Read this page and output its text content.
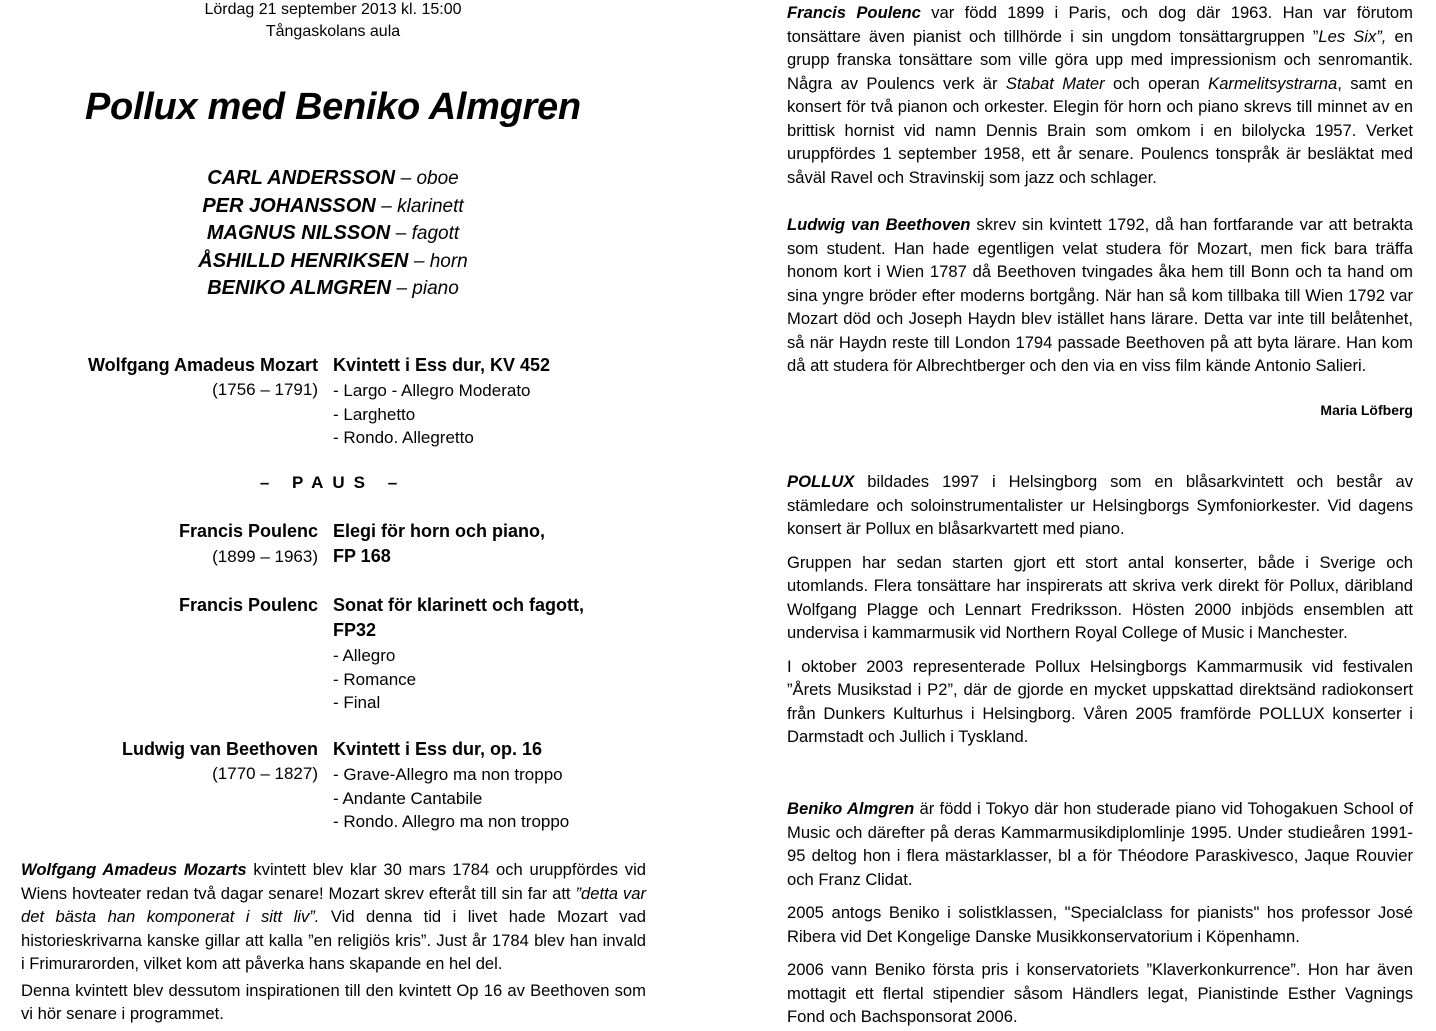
Lördag 21 september 2013 kl. 15:00
Tångaskolans aula
Pollux med Beniko Almgren
CARL ANDERSSON – oboe
PER JOHANSSON – klarinett
MAGNUS NILSSON – fagott
ÅSHILLD HENRIKSEN – horn
BENIKO ALMGREN – piano
Wolfgang Amadeus Mozart
(1756 – 1791)
Kvintett i Ess dur, KV 452
- Largo - Allegro Moderato
- Larghetto
- Rondo. Allegretto
– PAUS –
Francis Poulenc
(1899 – 1963)
Elegi för horn och piano,
FP 168
Francis Poulenc Sonat för klarinett och fagott,
FP32
- Allegro
- Romance
- Final
Ludwig van Beethoven
(1770 – 1827)
Kvintett i Ess dur, op. 16
- Grave-Allegro ma non troppo
- Andante Cantabile
- Rondo. Allegro ma non troppo

Wolfgang Amadeus Mozarts kvintett blev klar 30 mars 1784 och uruppfördes vid Wiens hovteater redan två dagar senare! Mozart skrev efteråt till sin far att ”detta var det bästa han komponerat i sitt liv”. Vid denna tid i livet hade Mozart vad historieskrivarna kanske gillar att kalla ”en religiös kris”. Just år 1784 blev han invald i Frimurarorden, vilket kom att påverka hans skapande en hel del.

Denna kvintett blev dessutom inspirationen till den kvintett Op 16 av Beethoven som vi hör senare i programmet.

Francis Poulenc var född 1899 i Paris, och dog där 1963. Han var förutom tonsättare även pianist och tillhörde i sin ungdom tonsättargruppen ”Les Six”, en grupp franska tonsättare som ville göra upp med impressionism och senromantik. Några av Poulencs verk är Stabat Mater och operan Karmelitsystrarna, samt en konsert för två pianon och orkester. Elegin för horn och piano skrevs till minnet av en brittisk hornist vid namn Dennis Brain som omkom i en bilolycka 1957. Verket uruppfördes 1 september 1958, ett år senare. Poulencs tonspråk är besläktat med såväl Ravel och Stravinskij som jazz och schlager.

Ludwig van Beethoven skrev sin kvintett 1792, då han fortfarande var att betrakta som student. Han hade egentligen velat studera för Mozart, men fick bara träffa honom kort i Wien 1787 då Beethoven tvingades åka hem till Bonn och ta hand om sina yngre bröder efter moderns bortgång. När han så kom tillbaka till Wien 1792 var Mozart död och Joseph Haydn blev istället hans lärare. Detta var inte till belåtenhet, så när Haydn reste till London 1794 passade Beethoven på att byta lärare. Han kom då att studera för Albrechtberger och den via en viss film kände Antonio Salieri.

Maria Löfberg

POLLUX bildades 1997 i Helsingborg som en blåsarkvintett och består av stämledare och soloinstrumentalister ur Helsingborgs Symfoniorkester. Vid dagens konsert är Pollux en blåsarkvartett med piano.

Gruppen har sedan starten gjort ett stort antal konserter, både i Sverige och utomlands. Flera tonsättare har inspirerats att skriva verk direkt för Pollux, däribland Wolfgang Plagge och Lennart Fredriksson. Hösten 2000 inbjöds ensemblen att undervisa i kammarmusik vid Northern Royal College of Music i Manchester.

I oktober 2003 representerade Pollux Helsingborgs Kammarmusik vid festivalen ”Årets Musikstad i P2”, där de gjorde en mycket uppskattad direktsänd radiokonsert från Dunkers Kulturhus i Helsingborg. Våren 2005 framförde POLLUX konserter i Darmstadt och Jullich i Tyskland.

Beniko Almgren är född i Tokyo där hon studerade piano vid Tohogakuen School of Music och därefter på deras Kammarmusikdiplomlinje 1995. Under studieåren 1991-95 deltog hon i flera mästarklasser, bl a för Théodore Paraskivesco, Jaque Rouvier och Franz Clidat.

2005 antogs Beniko i solistklassen, "Specialclass for pianists" hos professor José Ribera vid Det Kongelige Danske Musikkonservatorium i Köpenhamn.

2006 vann Beniko första pris i konservatoriets ”Klaverkonkurrence”. Hon har även mottagit ett flertal stipendier såsom Händlers legat, Pianistinde Esther Vagnings Fond och Bachsponsorat 2006.
